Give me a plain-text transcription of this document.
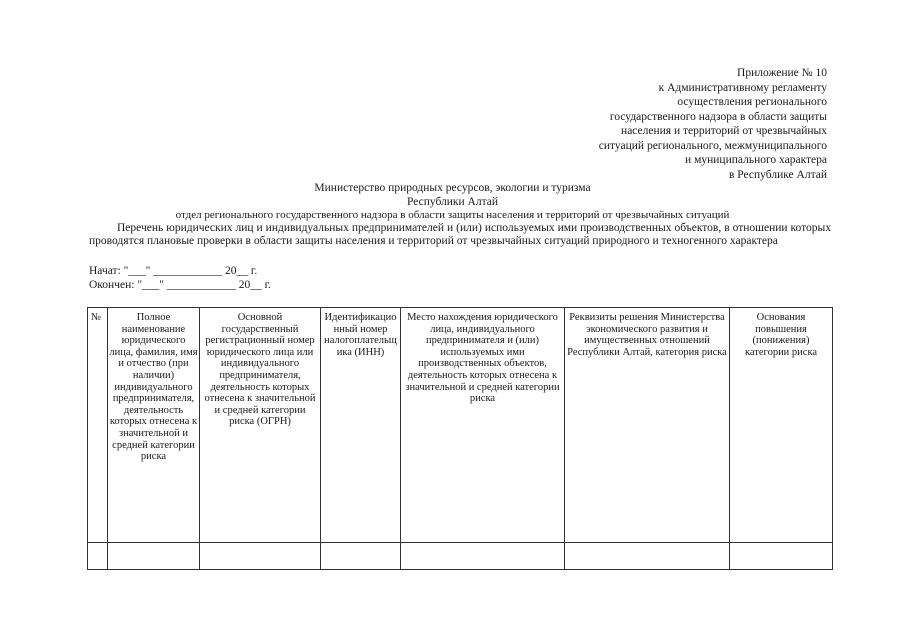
Приложение № 10
к Административному регламенту
осуществления регионального
государственного надзора в области защиты
населения и территорий от чрезвычайных
ситуаций регионального, межмуниципального
и муниципального характера
в Республике Алтай
Министерство природных ресурсов, экологии и туризма
Республики Алтай
отдел регионального государственного надзора в области защиты населения и территорий от чрезвычайных ситуаций
Перечень юридических лиц и индивидуальных предпринимателей и (или) используемых ими производственных объектов, в отношении которых проводятся плановые проверки в области защиты населения и территорий от чрезвычайных ситуаций природного и техногенного характера
Начат: "___" ____________ 20__ г.
Окончен: "___" ____________ 20__ г.
№	Полное наименование юридического лица, фамилия, имя и отчество (при наличии) индивидуального предпринимателя, деятельность которых отнесена к значительной и средней категории риска	Основной государственный регистрационный номер юридического лица или индивидуального предпринимателя, деятельность которых отнесена к значительной и средней категории риска (ОГРН)	Идентификационный номер налогоплательщика (ИНН)	Место нахождения юридического лица, индивидуального предпринимателя и (или) используемых ими производственных объектов, деятельность которых отнесена к значительной и средней категории риска	Реквизиты решения Министерства экономического развития и имущественных отношений Республики Алтай, категория риска	Основания повышения (понижения) категории риска
